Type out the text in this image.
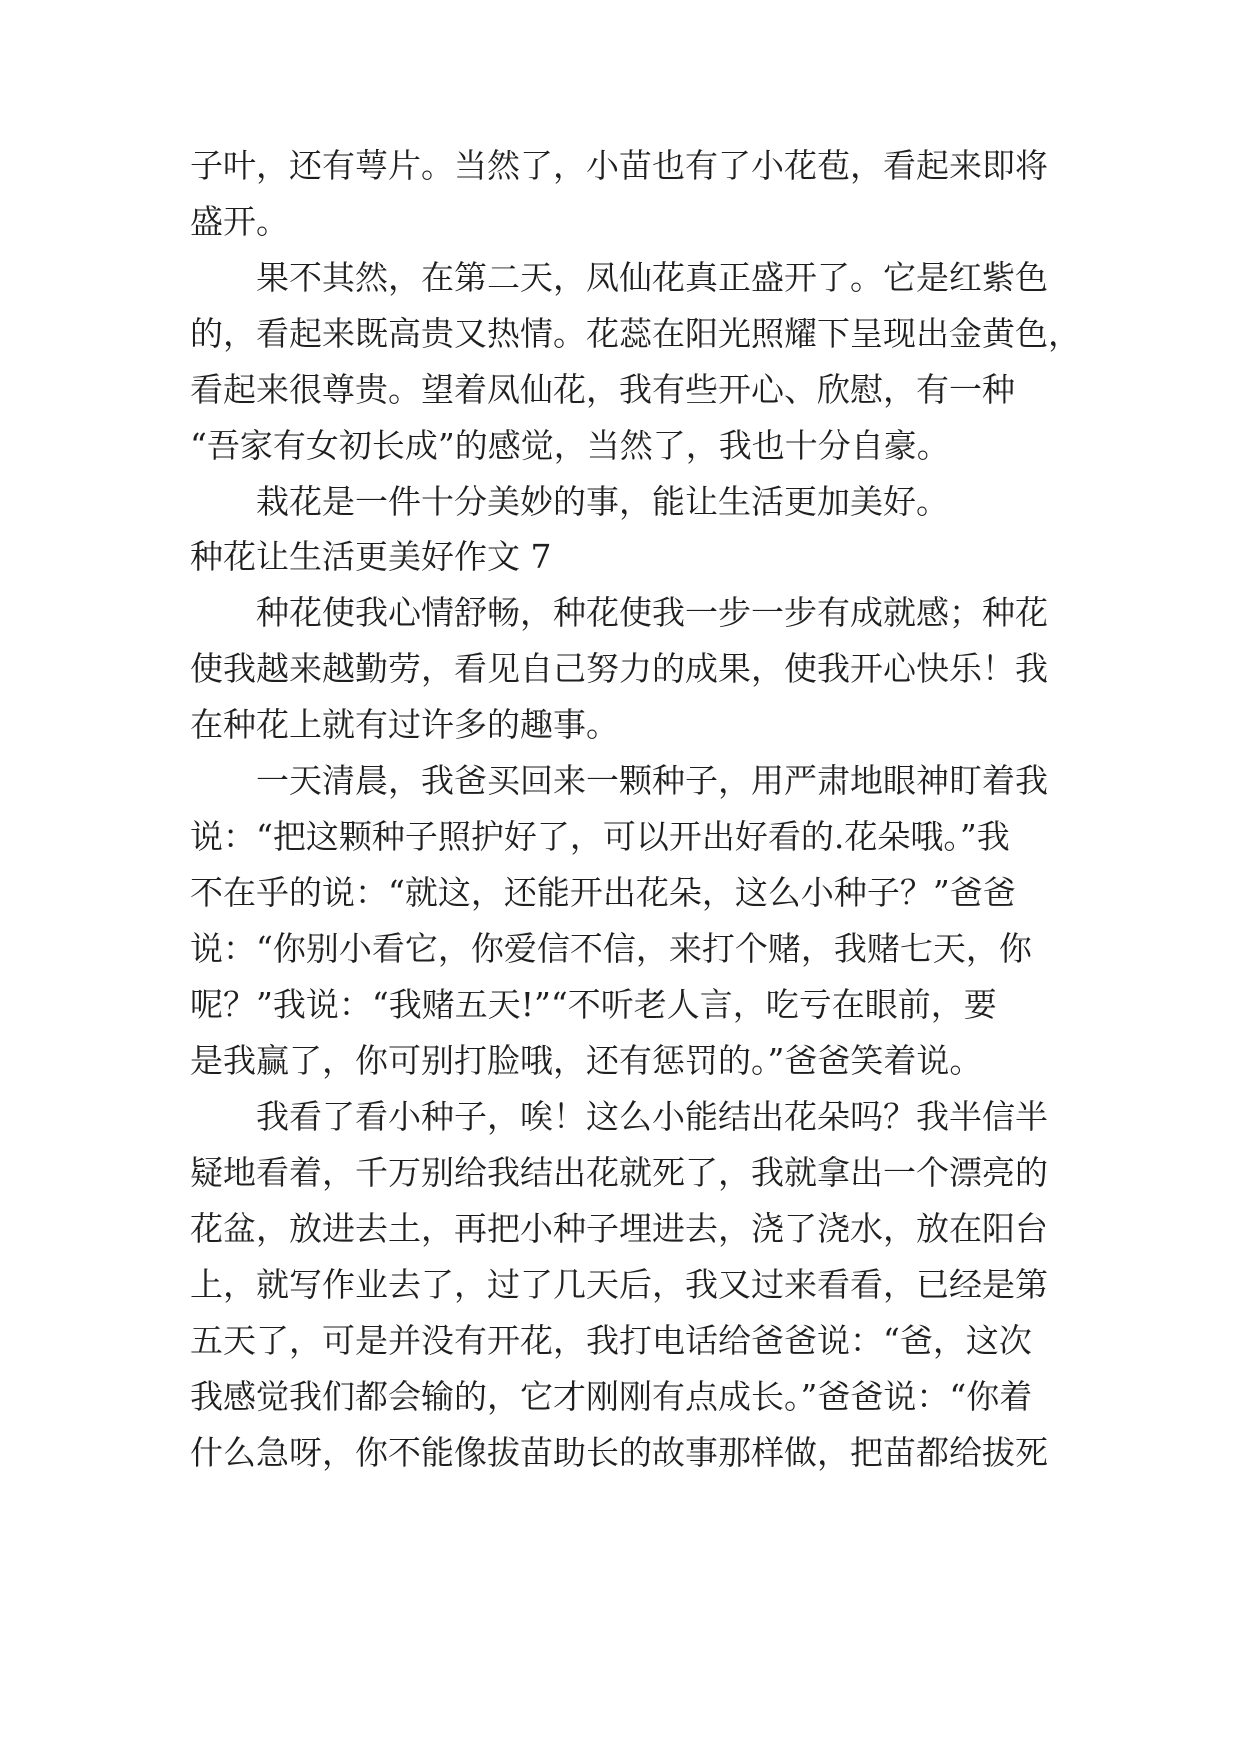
子叶，还有萼片。当然了，小苗也有了小花苞，看起来即将
盛开。
　　果不其然，在第二天，凤仙花真正盛开了。它是红紫色
的，看起来既高贵又热情。花蕊在阳光照耀下呈现出金黄色，
看起来很尊贵。望着凤仙花，我有些开心、欣慰，有一种
“吾家有女初长成”的感觉，当然了，我也十分自豪。
　　栽花是一件十分美妙的事，能让生活更加美好。
种花让生活更美好作文 7
　　种花使我心情舒畅，种花使我一步一步有成就感；种花
使我越来越勤劳，看见自己努力的成果，使我开心快乐！我
在种花上就有过许多的趣事。
　　一天清晨，我爸买回来一颗种子，用严肃地眼神盯着我
说：“把这颗种子照护好了，可以开出好看的.花朵哦。”我
不在乎的说：“就这，还能开出花朵，这么小种子？”爸爸
说：“你别小看它，你爱信不信，来打个赌，我赌七天，你
呢？”我说：“我赌五天!”“不听老人言，吃亏在眼前，要
是我赢了，你可别打脸哦，还有惩罚的。”爸爸笑着说。
　　我看了看小种子，唉！这么小能结出花朵吗？我半信半
疑地看着，千万别给我结出花就死了，我就拿出一个漂亮的
花盆，放进去土，再把小种子埋进去，浇了浇水，放在阳台
上，就写作业去了，过了几天后，我又过来看看，已经是第
五天了，可是并没有开花，我打电话给爸爸说：“爸，这次
我感觉我们都会输的，它才刚刚有点成长。”爸爸说：“你着
什么急呀，你不能像拔苗助长的故事那样做，把苗都给拔死
